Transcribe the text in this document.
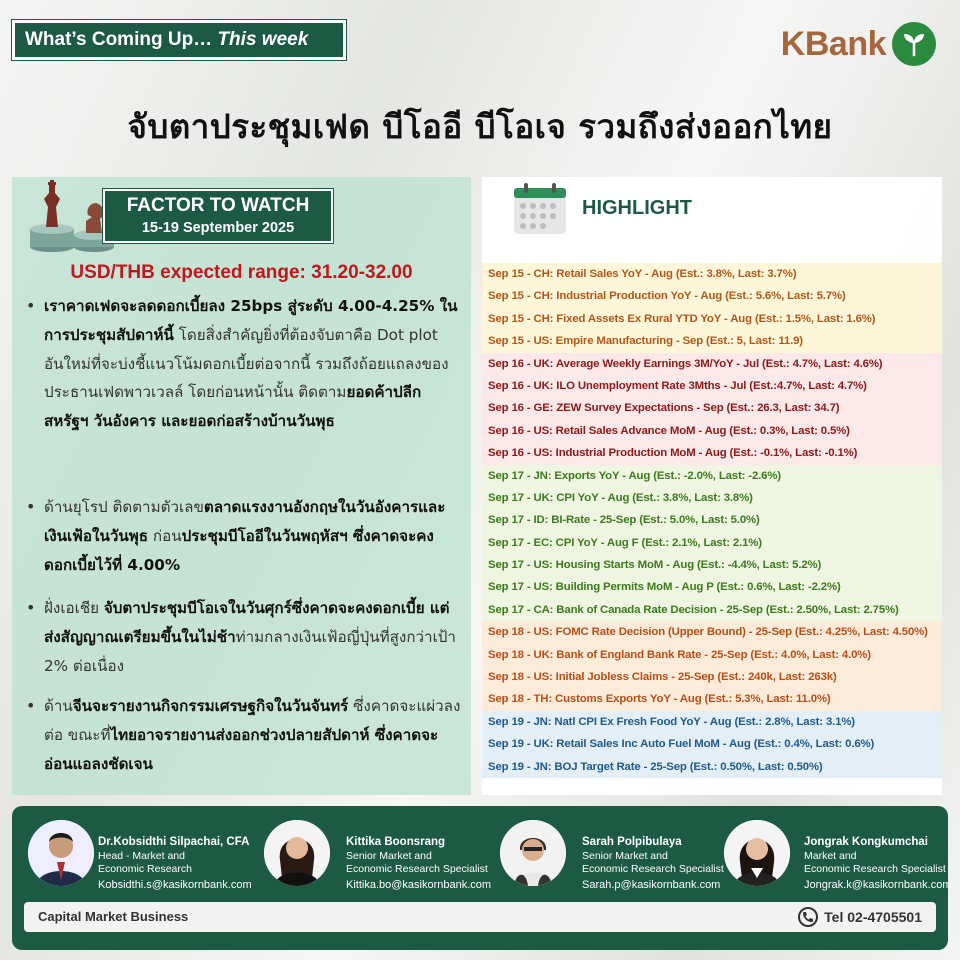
What’s Coming Up… This week	KBank
จับตาประชุมเฟด บีโออี บีโอเจ รวมถึงส่งออกไทย
FACTOR TO WATCH
15-19 September 2025
USD/THB expected range: 31.20-32.00
• เราคาดเฟดจะลดดอกเบี้ยลง 25bps สู่ระดับ 4.00-4.25% ในการประชุมสัปดาห์นี้ โดยสิ่งสำคัญยิ่งที่ต้องจับตาคือ Dot plot อันใหม่ที่จะบ่งชี้แนวโน้มดอกเบี้ยต่อจากนี้ รวมถึงถ้อยแถลงของประธานเฟดพาวเวลล์ โดยก่อนหน้านั้น ติดตามยอดค้าปลีกสหรัฐฯ วันอังคาร และยอดก่อสร้างบ้านวันพุธ
• ด้านยุโรป ติดตามตัวเลขตลาดแรงงานอังกฤษในวันอังคารและเงินเฟ้อในวันพุธ ก่อนประชุมบีโออีในวันพฤหัสฯ ซึ่งคาดจะคงดอกเบี้ยไว้ที่ 4.00%
• ฝั่งเอเชีย จับตาประชุมบีโอเจในวันศุกร์ซึ่งคาดจะคงดอกเบี้ย แต่ส่งสัญญาณเตรียมขึ้นในไม่ช้าท่ามกลางเงินเฟ้อญี่ปุ่นที่สูงกว่าเป้า 2% ต่อเนื่อง
• ด้านจีนจะรายงานกิจกรรมเศรษฐกิจในวันจันทร์ ซึ่งคาดจะแผ่วลงต่อ ขณะที่ไทยอาจรายงานส่งออกช่วงปลายสัปดาห์ ซึ่งคาดจะอ่อนแอลงชัดเจน
HIGHLIGHT
Sep 15 - CH: Retail Sales YoY - Aug (Est.: 3.8%, Last: 3.7%)
Sep 15 - CH: Industrial Production YoY - Aug (Est.: 5.6%, Last: 5.7%)
Sep 15 - CH: Fixed Assets Ex Rural YTD YoY - Aug (Est.: 1.5%, Last: 1.6%)
Sep 15 - US: Empire Manufacturing - Sep (Est.: 5, Last: 11.9)
Sep 16 - UK: Average Weekly Earnings 3M/YoY - Jul (Est.: 4.7%, Last: 4.6%)
Sep 16 - UK: ILO Unemployment Rate 3Mths - Jul (Est.:4.7%, Last: 4.7%)
Sep 16 - GE: ZEW Survey Expectations - Sep (Est.: 26.3, Last: 34.7)
Sep 16 - US: Retail Sales Advance MoM - Aug (Est.: 0.3%, Last: 0.5%)
Sep 16 - US: Industrial Production MoM - Aug (Est.: -0.1%, Last: -0.1%)
Sep 17 - JN: Exports YoY - Aug (Est.: -2.0%, Last: -2.6%)
Sep 17 - UK: CPI YoY - Aug (Est.: 3.8%, Last: 3.8%)
Sep 17 - ID: BI-Rate - 25-Sep (Est.: 5.0%, Last: 5.0%)
Sep 17 - EC: CPI YoY - Aug F (Est.: 2.1%, Last: 2.1%)
Sep 17 - US: Housing Starts MoM - Aug (Est.: -4.4%, Last: 5.2%)
Sep 17 - US: Building Permits MoM - Aug P (Est.: 0.6%, Last: -2.2%)
Sep 17 - CA: Bank of Canada Rate Decision - 25-Sep (Est.: 2.50%, Last: 2.75%)
Sep 18 - US: FOMC Rate Decision (Upper Bound) - 25-Sep (Est.: 4.25%, Last: 4.50%)
Sep 18 - UK: Bank of England Bank Rate - 25-Sep (Est.: 4.0%, Last: 4.0%)
Sep 18 - US: Initial Jobless Claims - 25-Sep (Est.: 240k, Last: 263k)
Sep 18 - TH: Customs Exports YoY - Aug (Est.: 5.3%, Last: 11.0%)
Sep 19 - JN: Natl CPI Ex Fresh Food YoY - Aug (Est.: 2.8%, Last: 3.1%)
Sep 19 - UK: Retail Sales Inc Auto Fuel MoM - Aug (Est.: 0.4%, Last: 0.6%)
Sep 19 - JN: BOJ Target Rate - 25-Sep (Est.: 0.50%, Last: 0.50%)
Dr.Kobsidthi Silpachai, CFA
Head - Market and
Economic Research
Kobsidthi.s@kasikornbank.com
Kittika Boonsrang
Senior Market and
Economic Research Specialist
Kittika.bo@kasikornbank.com
Sarah Polpibulaya
Senior Market and
Economic Research Specialist
Sarah.p@kasikornbank.com
Jongrak Kongkumchai
Market and
Economic Research Specialist
Jongrak.k@kasikornbank.com
Capital Market Business	Tel 02-4705501
